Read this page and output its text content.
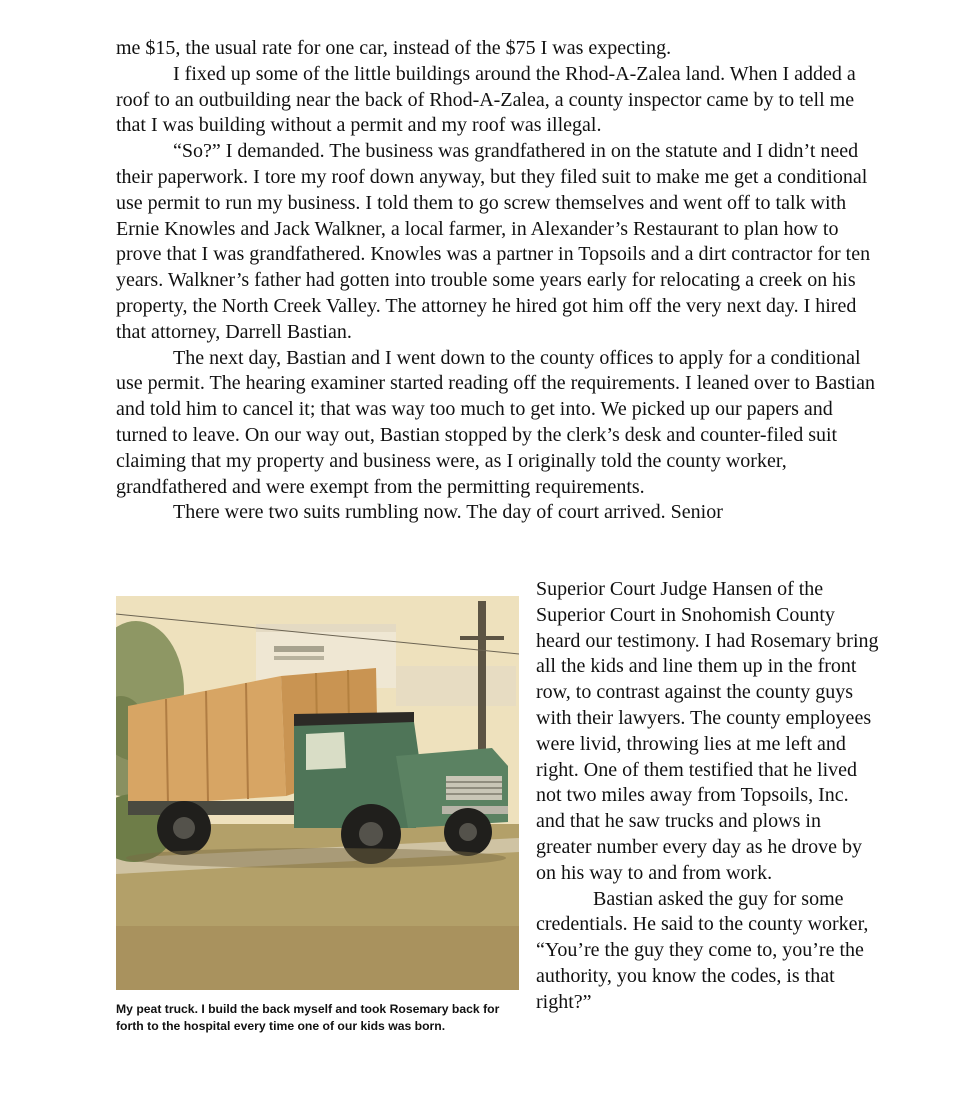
me $15, the usual rate for one car, instead of the $75 I was expecting.

I fixed up some of the little buildings around the Rhod-A-Zalea land. When I added a roof to an outbuilding near the back of Rhod-A-Zalea, a county inspector came by to tell me that I was building without a permit and my roof was illegal.

“So?” I demanded. The business was grandfathered in on the statute and I didn’t need their paperwork. I tore my roof down anyway, but they filed suit to make me get a conditional use permit to run my business. I told them to go screw themselves and went off to talk with Ernie Knowles and Jack Walkner, a local farmer, in Alexander’s Restaurant to plan how to prove that I was grandfathered. Knowles was a partner in Topsoils and a dirt contractor for ten years. Walkner’s father had gotten into trouble some years early for relocating a creek on his property, the North Creek Valley. The attorney he hired got him off the very next day. I hired that attorney, Darrell Bastian.

The next day, Bastian and I went down to the county offices to apply for a conditional use permit. The hearing examiner started reading off the requirements. I leaned over to Bastian and told him to cancel it; that was way too much to get into. We picked up our papers and turned to leave. On our way out, Bastian stopped by the clerk’s desk and counter-filed suit claiming that my property and business were, as I originally told the county worker, grandfathered and were exempt from the permitting requirements.

There were two suits rumbling now. The day of court arrived. Senior

My peat truck. I build the back myself and took Rosemary back for forth to the hospital every time one of our kids was born.

Superior Court Judge Hansen of the Superior Court in Snohomish County heard our testimony. I had Rosemary bring all the kids and line them up in the front row, to contrast against the county guys with their lawyers. The county employees were livid, throwing lies at me left and right. One of them testified that he lived not two miles away from Topsoils, Inc. and that he saw trucks and plows in greater number every day as he drove by on his way to and from work.

Bastian asked the guy for some credentials. He said to the county worker, “You’re the guy they come to, you’re the authority, you know the codes, is that right?”
